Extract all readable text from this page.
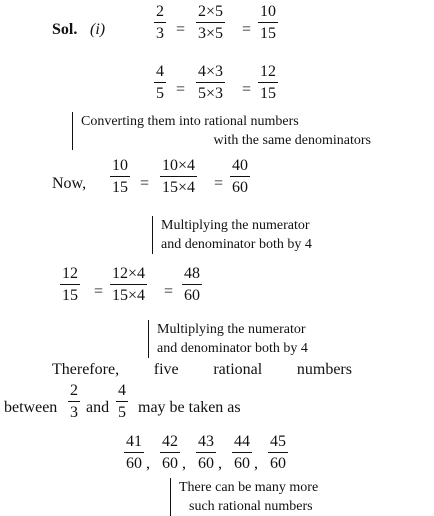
Sol. (i)	$\frac{2}{3} = \frac{2\times 5}{3\times 5} = \frac{10}{15}$
$\frac{4}{5} = \frac{4\times 3}{5\times 3} = \frac{12}{15}$
Converting them into rational numbers
with the same denominators
Now, $\frac{10}{15} = \frac{10\times 4}{15\times 4} = \frac{40}{60}$
Multiplying the numerator
and denominator both by 4
$\frac{12}{15} = \frac{12\times 4}{15\times 4} = \frac{48}{60}$
Multiplying the numerator
and denominator both by 4
Therefore, five rational numbers
between $\frac{2}{3}$ and $\frac{4}{5}$ may be taken as
$\frac{41}{60}$ , $\frac{42}{60}$ , $\frac{43}{60}$ , $\frac{44}{60}$ , $\frac{45}{60}$
There can be many more
such rational numbers
